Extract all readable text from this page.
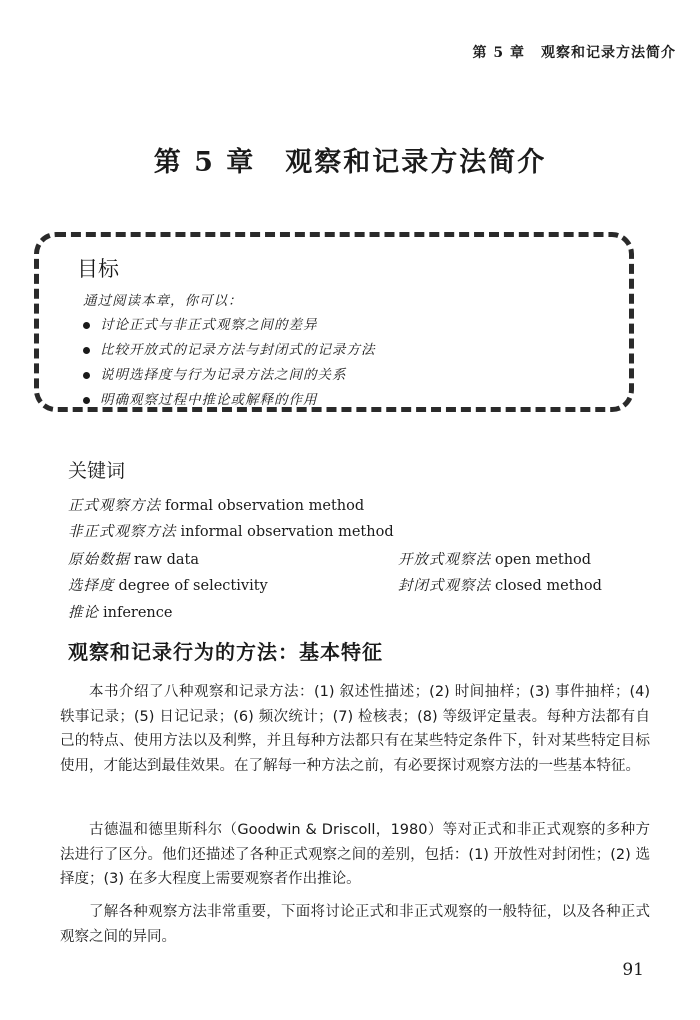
第 5 章 观察和记录方法简介
第 5 章 观察和记录方法简介
目标
通过阅读本章，你可以：
讨论正式与非正式观察之间的差异
比较开放式的记录方法与封闭式的记录方法
说明选择度与行为记录方法之间的关系
明确观察过程中推论或解释的作用
关键词
正式观察方法 formal observation method
非正式观察方法 informal observation method
原始数据 raw data
选择度 degree of selectivity
推论 inference
开放式观察法 open method
封闭式观察法 closed method
观察和记录行为的方法：基本特征

本书介绍了八种观察和记录方法：(1) 叙述性描述；(2) 时间抽样；(3) 事件抽样；(4) 轶事记录；(5) 日记记录；(6) 频次统计；(7) 检核表；(8) 等级评定量表。每种方法都有自己的特点、使用方法以及利弊，并且每种方法都只有在某些特定条件下，针对某些特定目标使用，才能达到最佳效果。在了解每一种方法之前，有必要探讨观察方法的一些基本特征。

古德温和德里斯科尔（Goodwin & Driscoll，1980）等对正式和非正式观察的多种方法进行了区分。他们还描述了各种正式观察之间的差别，包括：(1) 开放性对封闭性；(2) 选择度；(3) 在多大程度上需要观察者作出推论。

了解各种观察方法非常重要，下面将讨论正式和非正式观察的一般特征，以及各种正式观察之间的异同。

91
